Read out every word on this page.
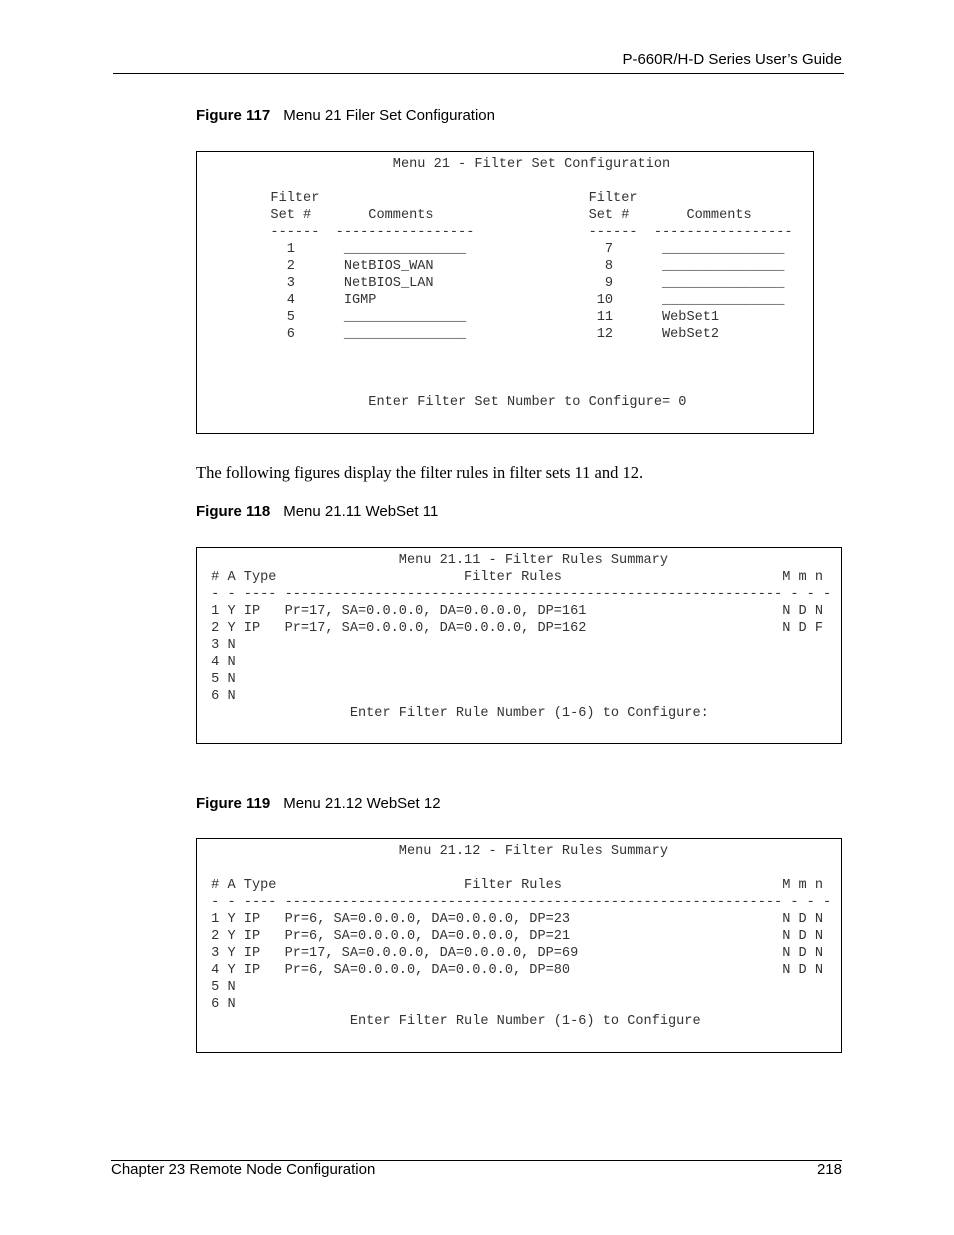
P-660R/H-D Series User’s Guide
Figure 117 Menu 21 Filer Set Configuration
Menu 21 - Filter Set Configuration

Filter                                 Filter
Set #       Comments                   Set #       Comments
------  -----------------              ------  -----------------
1      _______________                 7      _______________
2      NetBIOS_WAN                     8      _______________
3      NetBIOS_LAN                     9      _______________
4      IGMP                           10      _______________
5      _______________                11      WebSet1
6      _______________                12      WebSet2

Enter Filter Set Number to Configure= 0
The following figures display the filter rules in filter sets 11 and 12.
Figure 118 Menu 21.11 WebSet 11
Menu 21.11 - Filter Rules Summary
# A Type                       Filter Rules                           M m n
- - ---- ------------------------------------------------------------- - - -
1 Y IP   Pr=17, SA=0.0.0.0, DA=0.0.0.0, DP=161                        N D N
2 Y IP   Pr=17, SA=0.0.0.0, DA=0.0.0.0, DP=162                        N D F
3 N
4 N
5 N
6 N
Enter Filter Rule Number (1-6) to Configure:
Figure 119 Menu 21.12 WebSet 12
Menu 21.12 - Filter Rules Summary

# A Type                       Filter Rules                           M m n
- - ---- ------------------------------------------------------------- - - -
1 Y IP   Pr=6, SA=0.0.0.0, DA=0.0.0.0, DP=23                          N D N
2 Y IP   Pr=6, SA=0.0.0.0, DA=0.0.0.0, DP=21                          N D N
3 Y IP   Pr=17, SA=0.0.0.0, DA=0.0.0.0, DP=69                         N D N
4 Y IP   Pr=6, SA=0.0.0.0, DA=0.0.0.0, DP=80                          N D N
5 N
6 N
Enter Filter Rule Number (1-6) to Configure
Chapter 23 Remote Node Configuration	218
